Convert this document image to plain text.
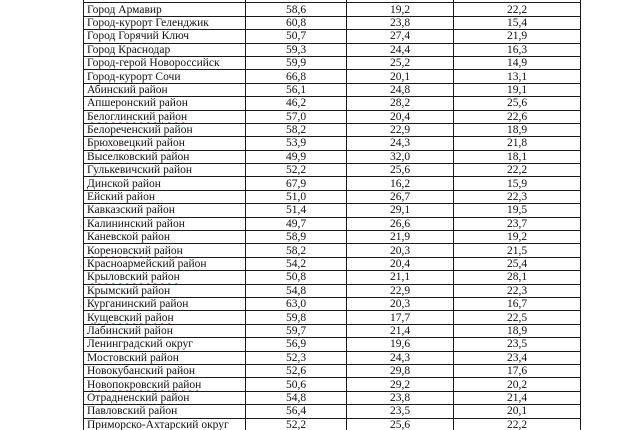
Город Армавир	58,6	19,2	22,2
Город-курорт Геленджик	60,8	23,8	15,4
Город Горячий Ключ	50,7	27,4	21,9
Город Краснодар	59,3	24,4	16,3
Город-герой Новороссийск	59,9	25,2	14,9
Город-курорт Сочи	66,8	20,1	13,1
Абинский район	56,1	24,8	19,1
Апшеронский район	46,2	28,2	25,6
Белоглинский район	57,0	20,4	22,6
Белореченский район	58,2	22,9	18,9
Брюховецкий район	53,9	24,3	21,8
Выселковский район	49,9	32,0	18,1
Гулькевичский район	52,2	25,6	22,2
Динской район	67,9	16,2	15,9
Ейский район	51,0	26,7	22,3
Кавказский район	51,4	29,1	19,5
Калининский район	49,7	26,6	23,7
Каневской район	58,9	21,9	19,2
Кореновский район	58,2	20,3	21,5
Красноармейский район	54,2	20,4	25,4
Крыловский район	50,8	21,1	28,1
Крымский район	54,8	22,9	22,3
Курганинский район	63,0	20,3	16,7
Кущевский район	59,8	17,7	22,5
Лабинский район	59,7	21,4	18,9
Ленинградский округ	56,9	19,6	23,5
Мостовский район	52,3	24,3	23,4
Новокубанский район	52,6	29,8	17,6
Новопокровский район	50,6	29,2	20,2
Отрадненский район	54,8	23,8	21,4
Павловский район	56,4	23,5	20,1
Приморско-Ахтарский округ	52,2	25,6	22,2
